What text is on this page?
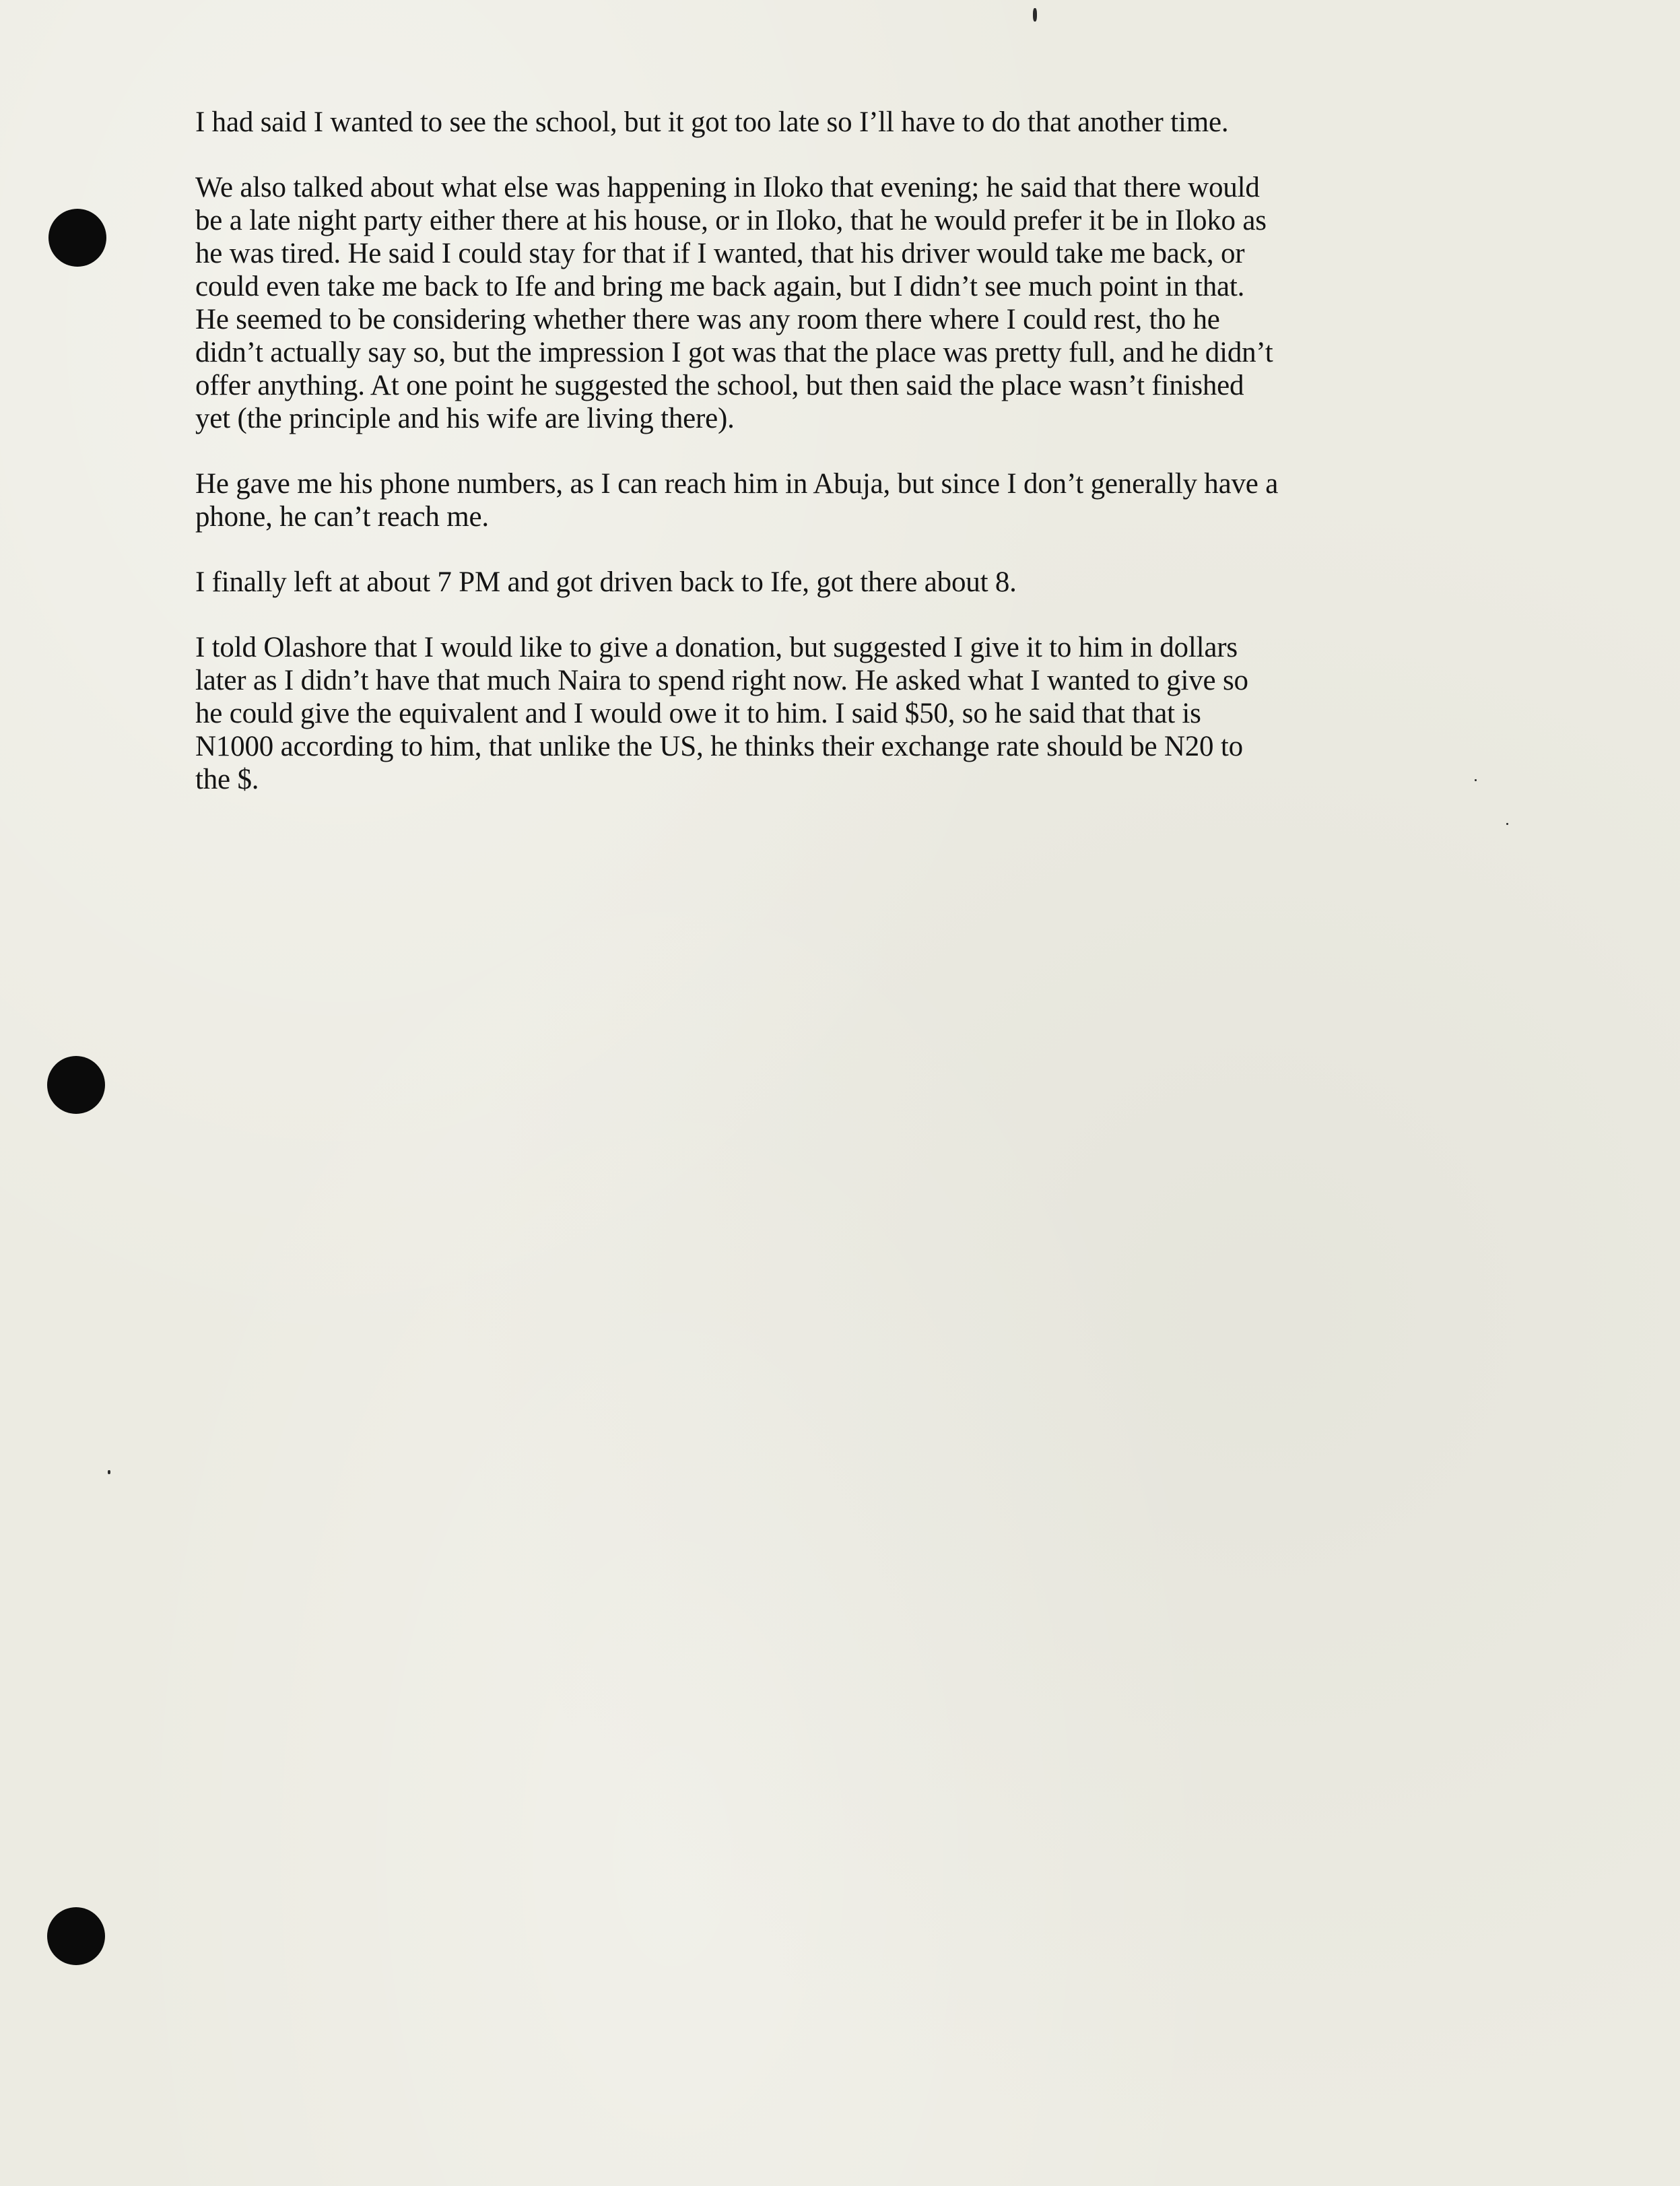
I had said I wanted to see the school, but it got too late so I’ll have to do that another time.

We also talked about what else was happening in Iloko that evening; he said that there would
be a late night party either there at his house, or in Iloko, that he would prefer it be in Iloko as
he was tired. He said I could stay for that if I wanted, that his driver would take me back, or
could even take me back to Ife and bring me back again, but I didn’t see much point in that.
He seemed to be considering whether there was any room there where I could rest, tho he
didn’t actually say so, but the impression I got was that the place was pretty full, and he didn’t
offer anything. At one point he suggested the school, but then said the place wasn’t finished
yet (the principle and his wife are living there).

He gave me his phone numbers, as I can reach him in Abuja, but since I don’t generally have a
phone, he can’t reach me.

I finally left at about 7 PM and got driven back to Ife, got there about 8.

I told Olashore that I would like to give a donation, but suggested I give it to him in dollars
later as I didn’t have that much Naira to spend right now. He asked what I wanted to give so
he could give the equivalent and I would owe it to him. I said $50, so he said that that is
N1000 according to him, that unlike the US, he thinks their exchange rate should be N20 to
the $.
